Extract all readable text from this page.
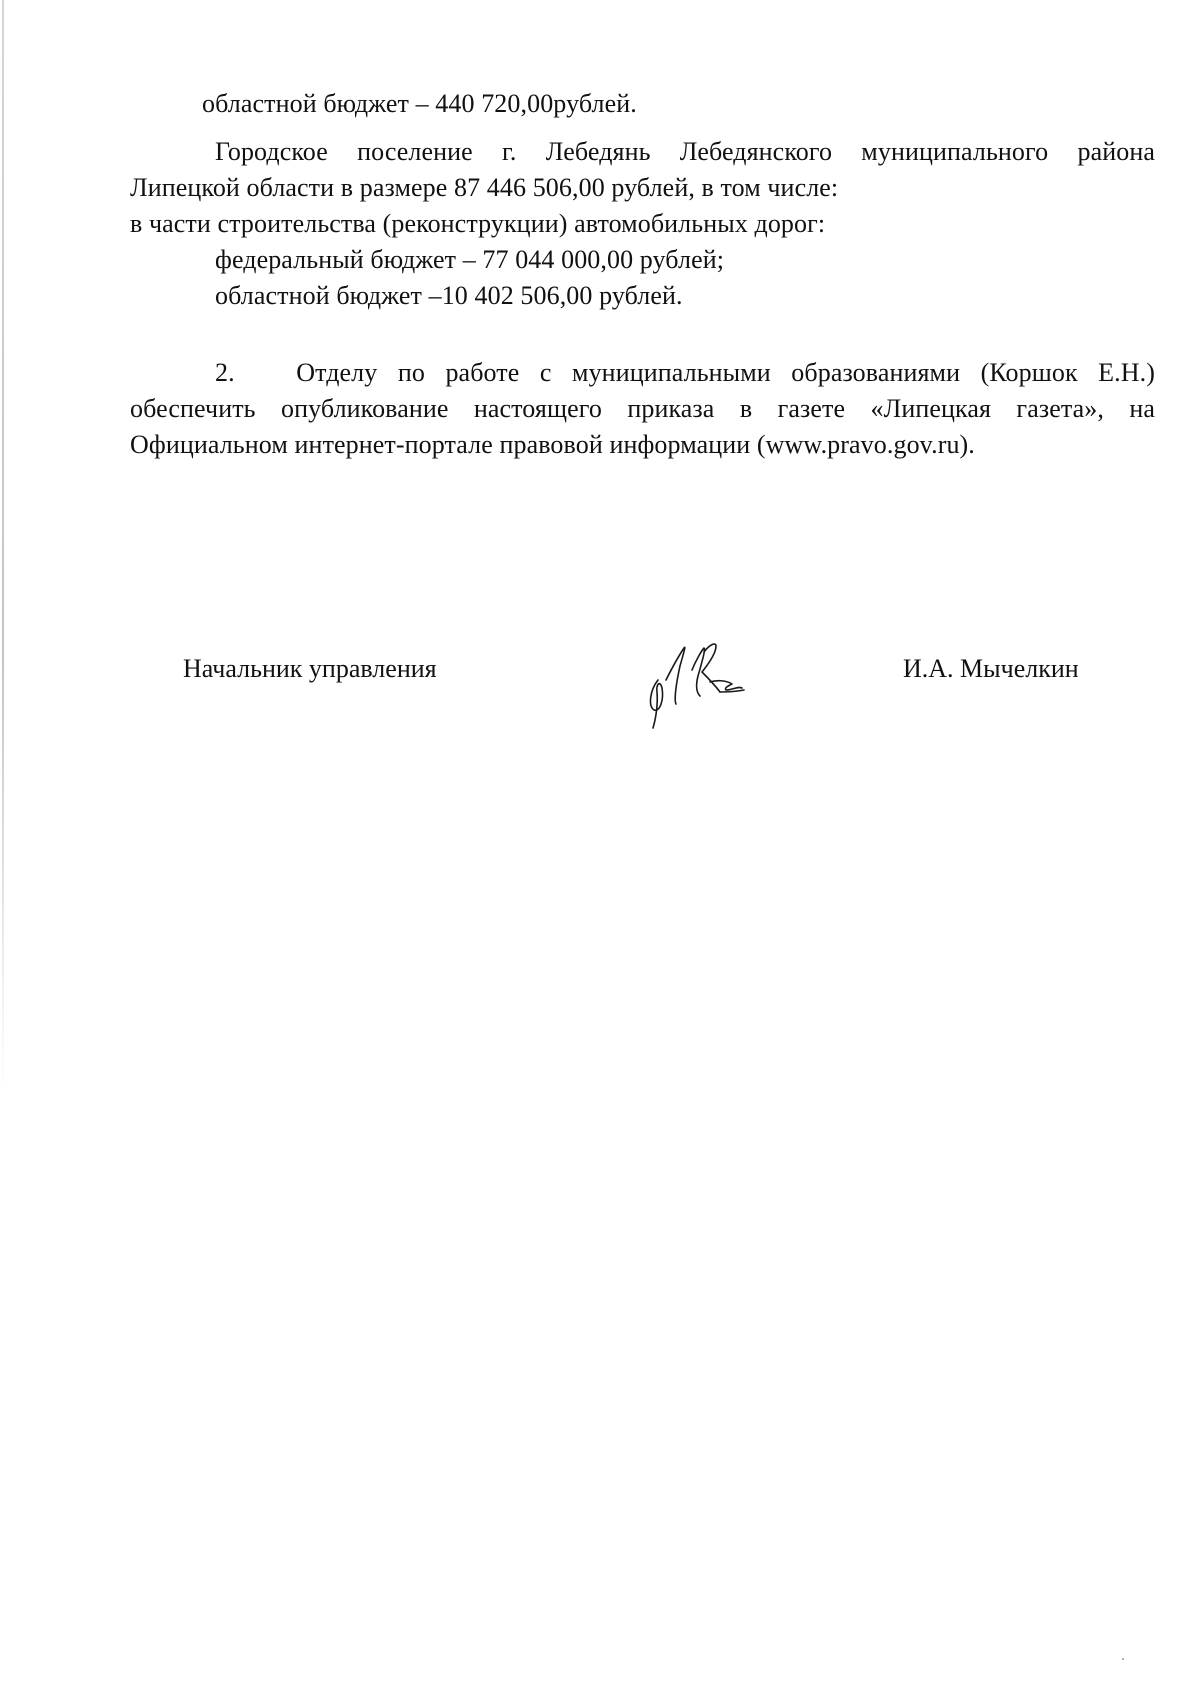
областной бюджет – 440 720,00рублей.
Городское поселение г. Лебедянь Лебедянского муниципального района
Липецкой области в размере 87 446 506,00 рублей, в том числе:
в части строительства (реконструкции) автомобильных дорог:
федеральный бюджет – 77 044 000,00 рублей;
областной бюджет –10 402 506,00 рублей.
2. Отделу по работе с муниципальными образованиями (Коршок Е.Н.)
обеспечить опубликование настоящего приказа в газете «Липецкая газета», на
Официальном интернет-портале правовой информации (www.pravo.gov.ru).
Начальник управления	И.А. Мычелкин
